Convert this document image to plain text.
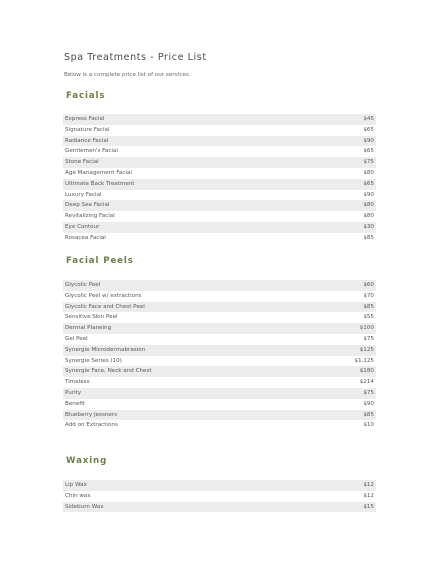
Spa Treatments - Price List
Below is a complete price list of our services.
Facials
Express Facial	$45
Signature Facial	$65
Radiance Facial	$90
Gentlemen's Facial	$65
Stone Facial	$75
Age Management Facial	$80
Ultimate Back Treatment	$65
Luxury Facial	$90
Deep Sea Facial	$80
Revitalizing Facial	$80
Eye Contour	$30
Rosacea Facial	$85
Facial Peels
Glycolic Peel	$60
Glycolic Peel w/ extractions	$70
Glycolic Face and Chest Peel	$85
Sensitive Skin Peel	$55
Dermal Planeing	$100
Gel Peel	$75
Synergie Microdermabrasion	$125
Synergie Series (10)	$1,125
Synergie Face, Neck and Chest	$180
Timeless	$214
Purity	$75
Benefit	$90
Blueberry Jessners	$85
Add on Extractions	$10
Waxing
Lip Wax	$12
Chin wax	$12
Sideburn Wax	$15
